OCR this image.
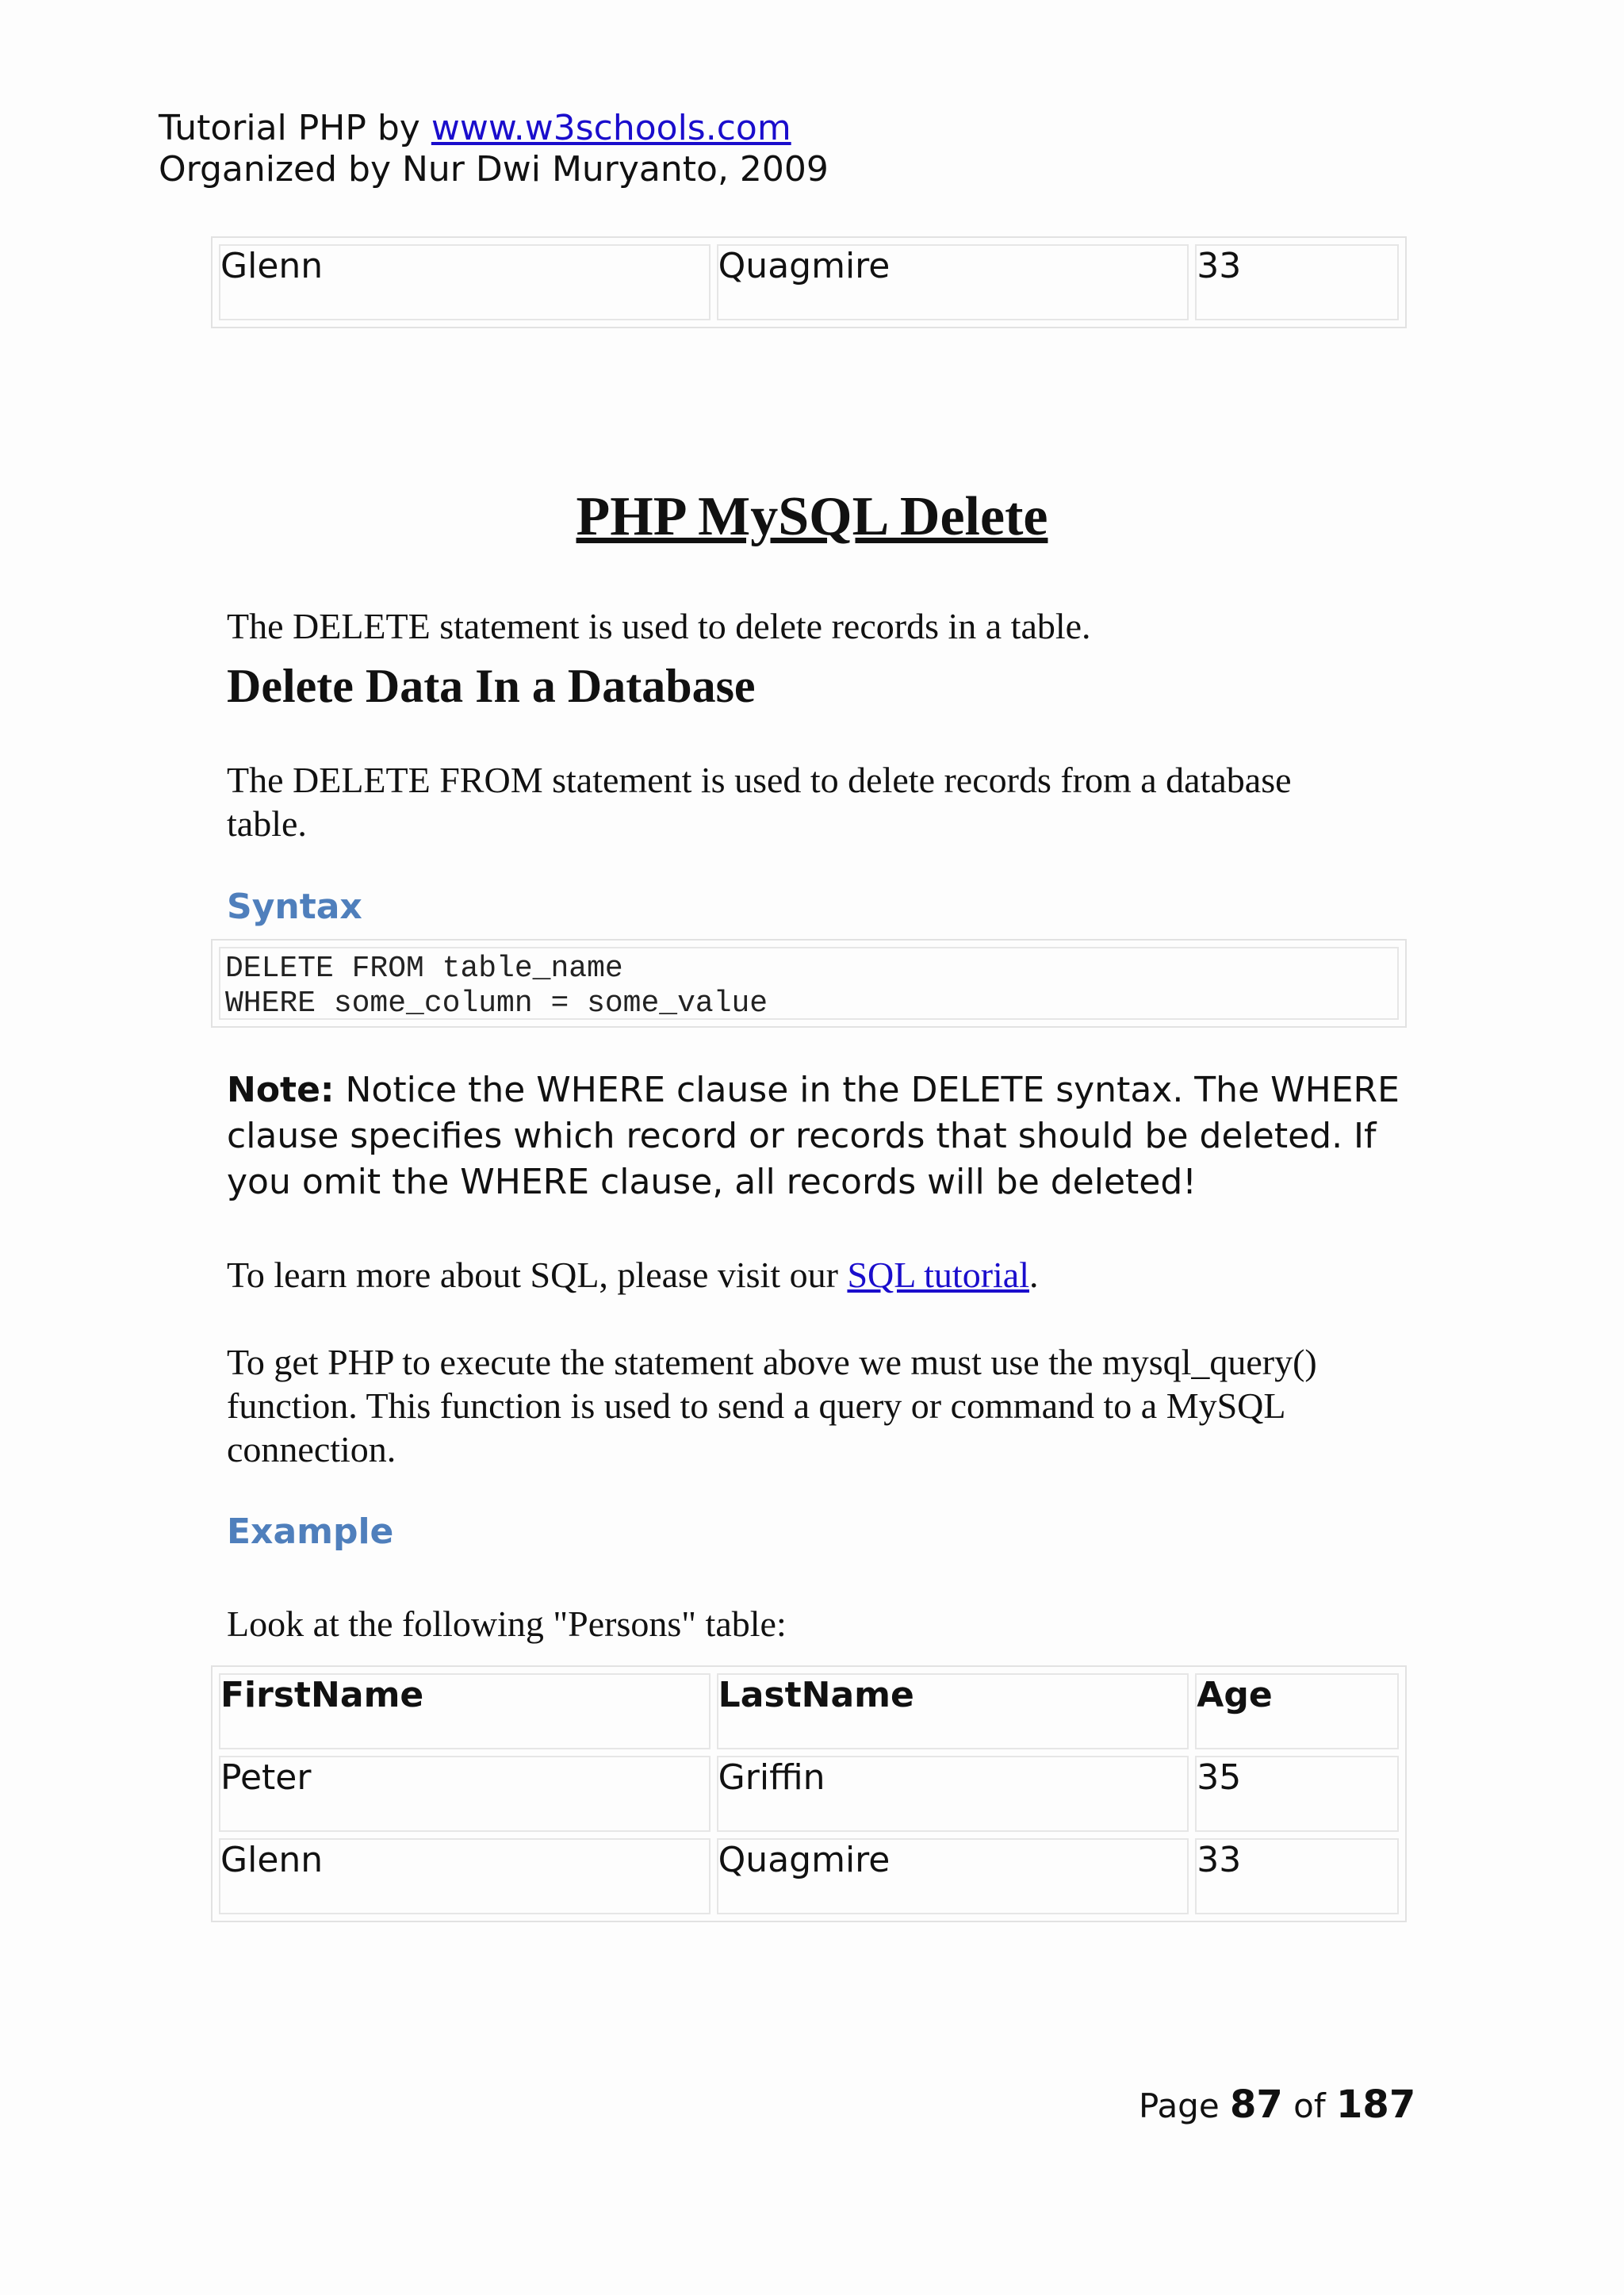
Tutorial PHP by www.w3schools.com
Organized by Nur Dwi Muryanto, 2009
Glenn	Quagmire	33
PHP MySQL Delete
The DELETE statement is used to delete records in a table.
Delete Data In a Database
The DELETE FROM statement is used to delete records from a database table.
Syntax
DELETE FROM table_name
WHERE some_column = some_value
Note: Notice the WHERE clause in the DELETE syntax. The WHERE clause specifies which record or records that should be deleted. If you omit the WHERE clause, all records will be deleted!
To learn more about SQL, please visit our SQL tutorial.
To get PHP to execute the statement above we must use the mysql_query() function. This function is used to send a query or command to a MySQL connection.
Example
Look at the following "Persons" table:
FirstName	LastName	Age
Peter	Griffin	35
Glenn	Quagmire	33
Page 87 of 187
